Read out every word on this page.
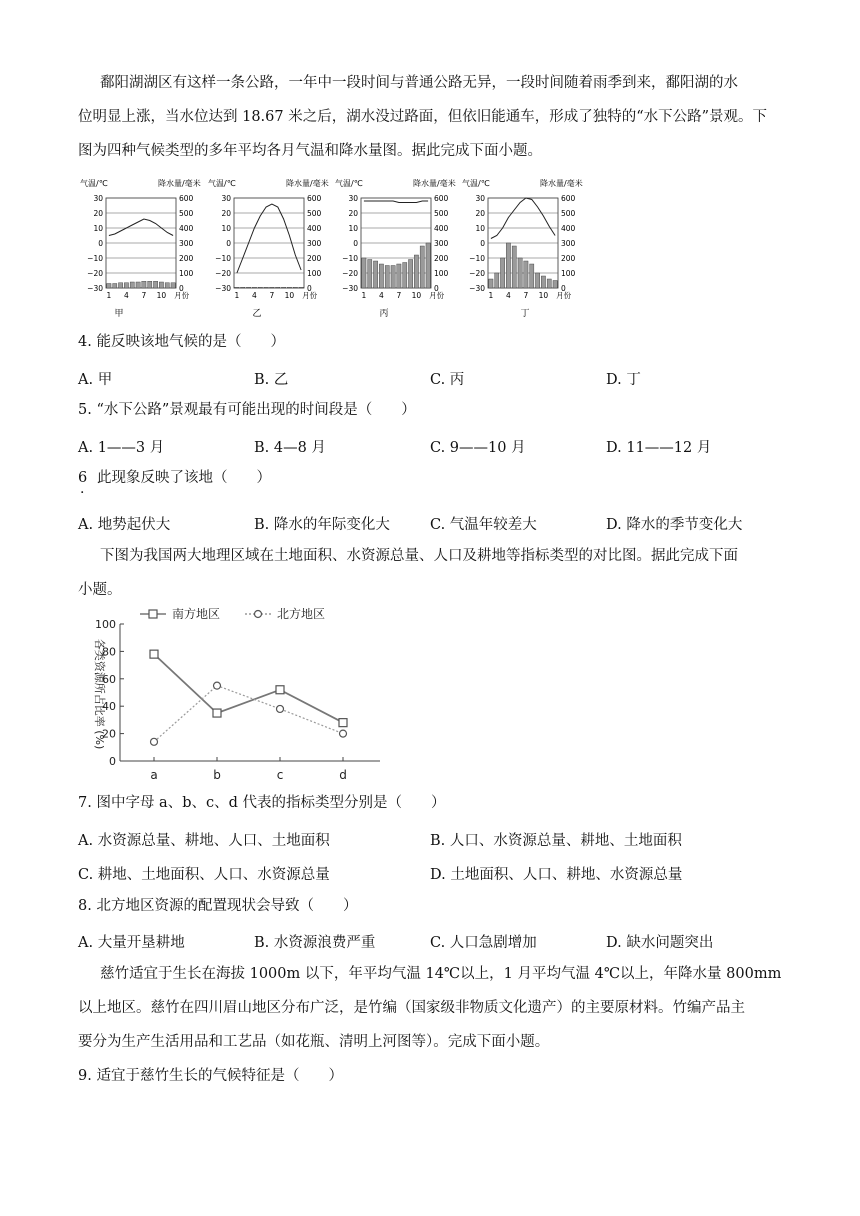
鄱阳湖湖区有这样一条公路，一年中一段时间与普通公路无异，一段时间随着雨季到来，鄱阳湖的水
位明显上涨，当水位达到 18.67 米之后，湖水没过路面，但依旧能通车，形成了独特的“水下公路”景观。下
图为四种气候类型的多年平均各月气温和降水量图。据此完成下面小题。
气温/℃	降水量/毫米
30	600
20	500
10	400
0	300
−10	200
−20	100
−30	0
1 4 7 10 月份
甲
气温/℃	降水量/毫米
30	600
20	500
10	400
0	300
−10	200
−20	100
−30	0
1 4 7 10 月份
乙
气温/℃	降水量/毫米
30	600
20	500
10	400
0	300
−10	200
−20	100
−30	0
1 4 7 10 月份
丙
气温/℃	降水量/毫米
30	600
20	500
10	400
0	300
−10	200
−20	100
−30	0
1 4 7 10 月份
丁
4. 能反映该地气候的是（　　）
A. 甲	B. 乙	C. 丙	D. 丁
5. “水下公路”景观最有可能出现的时间段是（　　）
A. 1——3 月	B. 4—8 月	C. 9——10 月	D. 11——12 月
6
·
此现象反映了该地（　　）
A. 地势起伏大	B. 降水的年际变化大	C. 气温年较差大	D. 降水的季节变化大
下图为我国两大地理区域在土地面积、水资源总量、人口及耕地等指标类型的对比图。据此完成下面
小题。
0
20
40
60
80
100
a	b	c	d
各类资源所占比率 (%)
南方地区	北方地区
7. 图中字母 a、b、c、d 代表的指标类型分别是（　　）
A. 水资源总量、耕地、人口、土地面积	B. 人口、水资源总量、耕地、土地面积
C. 耕地、土地面积、人口、水资源总量	D. 土地面积、人口、耕地、水资源总量
8. 北方地区资源的配置现状会导致（　　）
A. 大量开垦耕地	B. 水资源浪费严重	C. 人口急剧增加	D. 缺水问题突出
慈竹适宜于生长在海拔 1000m 以下，年平均气温 14℃以上，1 月平均气温 4℃以上，年降水量 800mm
以上地区。慈竹在四川眉山地区分布广泛，是竹编（国家级非物质文化遗产）的主要原材料。竹编产品主
要分为生产生活用品和工艺品（如花瓶、清明上河图等）。完成下面小题。
9. 适宜于慈竹生长的气候特征是（　　）
